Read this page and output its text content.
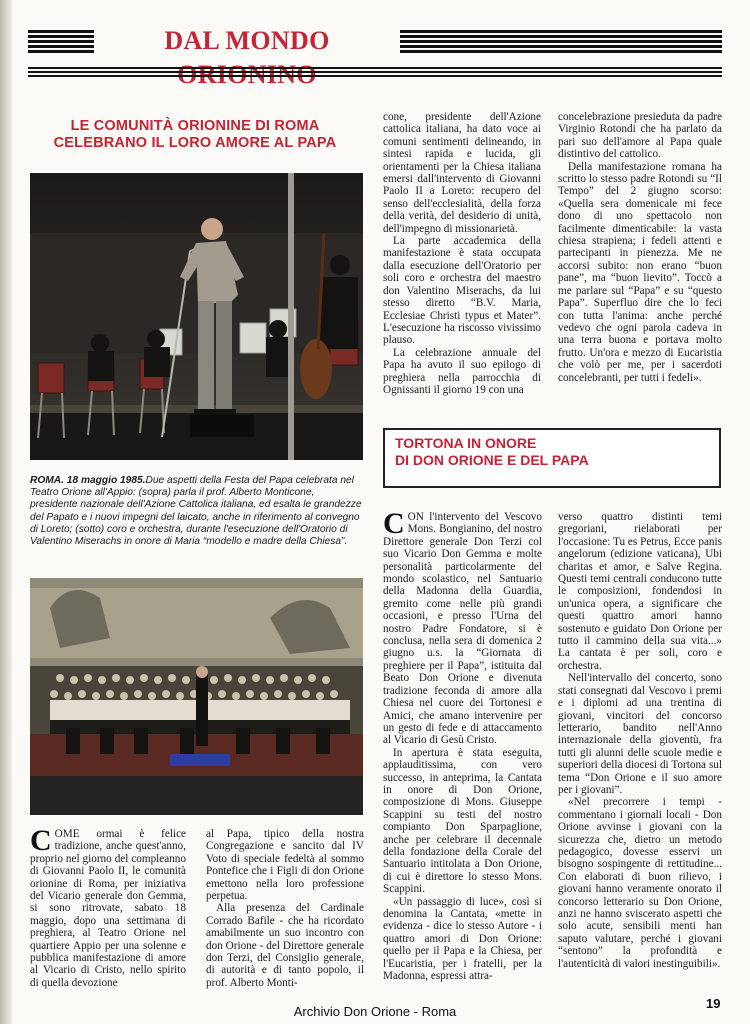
DAL MONDO
LE COMUNITÀ ORIONINE DI ROMA
CELEBRANO IL LORO AMORE AL PAPA
ROMA. 18 maggio 1985.Due aspetti della Festa del Papa celebrata nel Teatro Orione all'Appio: (sopra) parla il prof. Alberto Monticone, presidente nazionale dell'Azione Cattolica italiana, ed esalta le grandezze del Papato e i nuovi impegni del laicato, anche in riferimento al convegno di Loreto; (sotto) coro e orchestra, durante l'esecuzione dell'Oratorio di Valentino Miserachs in onore di Maria “modello e madre della Chiesa”.

COME ormai è felice tradizione, anche quest'anno, proprio nel giorno del compleanno di Giovanni Paolo II, le comunità orionine di Roma, per iniziativa del Vicario generale don Gemma, si sono ritrovate, sabato 18 maggio, dopo una settimana di preghiera, al Teatro Orione nel quartiere Appio per una solenne e pubblica manifestazione di amore al Vicario di Cristo, nello spirito di quella devozione

al Papa, tipico della nostra Congregazione e sancito dal IV Voto di speciale fedeltà al sommo Pontefice che i Figli di don Orione emettono nella loro professione perpetua.

Alla presenza del Cardinale Corrado Bafile - che ha ricordato amabilmente un suo incontro con don Orione - del Direttore generale don Terzi, del Consiglio generale, di autorità e di tanto popolo, il prof. Alberto Monti-

cone, presidente dell'Azione cattolica italiana, ha dato voce ai comuni sentimenti delineando, in sintesi rapida e lucida, gli orientamenti per la Chiesa italiana emersi dall'intervento di Giovanni Paolo II a Loreto: recupero del senso dell'ecclesialità, della forza della verità, del desiderio di unità, dell'impegno di missionarietà.

La parte accademica della manifestazione è stata occupata dalla esecuzione dell'Oratorio per soli coro e orchestra del maestro don Valentino Miserachs, da lui stesso diretto “B.V. Maria, Ecclesiae Christi typus et Mater”. L'esecuzione ha riscosso vivissimo plauso.

La celebrazione annuale del Papa ha avuto il suo epilogo di preghiera nella parrocchia di Ognissanti il giorno 19 con una

concelebrazione presieduta da padre Virginio Rotondi che ha parlato da pari suo dell'amore al Papa quale distintivo del cattolico.

Della manifestazione romana ha scritto lo stesso padre Rotondi su “Il Tempo” del 2 giugno scorso: «Quella sera domenicale mi fece dono di uno spettacolo non facilmente dimenticabile: la vasta chiesa strapiena; i fedeli attenti e partecipanti in pienezza. Me ne accorsi subito: non erano “buon pane”, ma “buon lievito”. Toccò a me parlare sul “Papa” e su “questo Papa”. Superfluo dire che lo feci con tutta l'anima: anche perché vedevo che ogni parola cadeva in una terra buona e portava molto frutto. Un'ora e mezzo di Eucaristia che volò per me, per i sacerdoti concelebranti, per tutti i fedeli».

TORTONA IN ONORE
DI DON ORIONE E DEL PAPA

CON l'intervento del Vescovo Mons. Bongianino, del nostro Direttore generale Don Terzi col suo Vicario Don Gemma e molte personalità particolarmente del mondo scolastico, nel Santuario della Madonna della Guardia, gremito come nelle più grandi occasioni, e presso l'Urna del nostro Padre Fondatore, si è conclusa, nella sera di domenica 2 giugno u.s. la “Giornata di preghiere per il Papa”, istituita dal Beato Don Orione e divenuta tradizione feconda di amore alla Chiesa nel cuore dei Tortonesi e Amici, che amano intervenire per un gesto di fede e di attaccamento al Vicario di Gesù Cristo.

In apertura è stata eseguita, applauditissima, con vero successo, in anteprima, la Cantata in onore di Don Orione, composizione di Mons. Giuseppe Scappini su testi del nostro compianto Don Sparpaglione, anche per celebrare il decennale della fondazione della Corale del Santuario intitolata a Don Orione, di cui è direttore lo stesso Mons. Scappini.

«Un passaggio di luce», così si denomina la Cantata, «mette in evidenza - dice lo stesso Autore - i quattro amori di Don Orione: quello per il Papa e la Chiesa, per l'Eucaristia, per i fratelli, per la Madonna, espressi attra-

verso quattro distinti temi gregoriani, rielaborati per l'occasione: Tu es Petrus, Ecce panis angelorum (edizione vaticana), Ubi charitas et amor, e Salve Regina. Questi temi centrali conducono tutte le composizioni, fondendosi in un'unica opera, a significare che questi quattro amori hanno sostenuto e guidato Don Orione per tutto il cammino della sua vita...» La cantata è per soli, coro e orchestra.

Nell'intervallo del concerto, sono stati consegnati dal Vescovo i premi e i diplomi ad una trentina di giovani, vincitori del concorso letterario, bandito nell'Anno internazionale della gioventù, fra tutti gli alunni delle scuole medie e superiori della diocesi di Tortona sul tema “Don Orione e il suo amore per i giovani”.

«Nel precorrere i tempi - commentano i giornali locali - Don Orione avvinse i giovani con la sicurezza che, dietro un metodo pedagogico, dovesse esservi un bisogno sospingente di rettitudine... Con elaborati di buon rilievo, i giovani hanno veramente onorato il concorso letterario su Don Orione, anzi ne hanno sviscerato aspetti che solo acute, sensibili menti han saputo valutare, perché i giovani “sentono” la profondità e l'autenticità di valori inestinguibili».

19
Archivio Don Orione - Roma
